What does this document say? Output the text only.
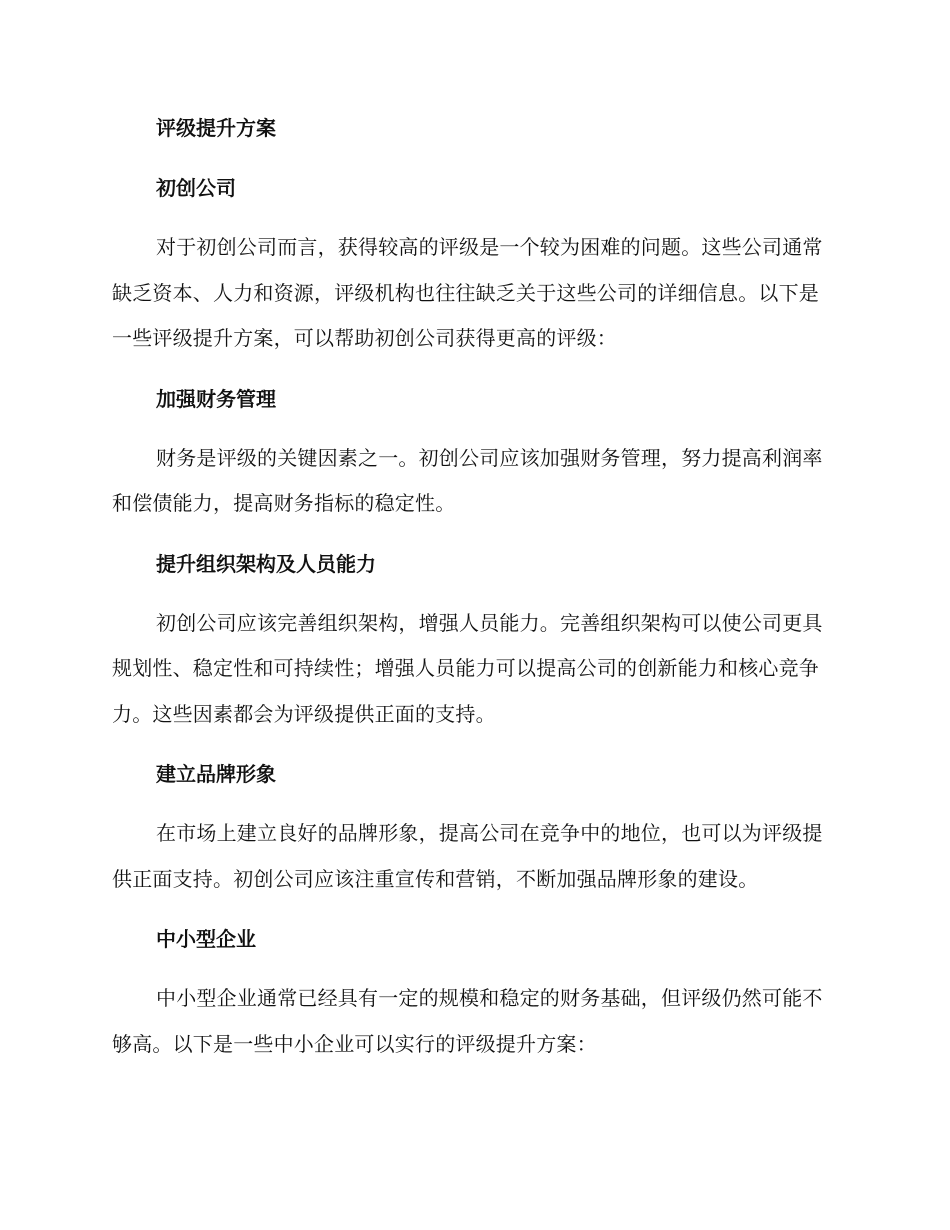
评级提升方案
初创公司
对于初创公司而言，获得较高的评级是一个较为困难的问题。这些公司通常缺乏资本、人力和资源，评级机构也往往缺乏关于这些公司的详细信息。以下是一些评级提升方案，可以帮助初创公司获得更高的评级：
加强财务管理
财务是评级的关键因素之一。初创公司应该加强财务管理，努力提高利润率和偿债能力，提高财务指标的稳定性。
提升组织架构及人员能力
初创公司应该完善组织架构，增强人员能力。完善组织架构可以使公司更具规划性、稳定性和可持续性；增强人员能力可以提高公司的创新能力和核心竞争力。这些因素都会为评级提供正面的支持。
建立品牌形象
在市场上建立良好的品牌形象，提高公司在竞争中的地位，也可以为评级提供正面支持。初创公司应该注重宣传和营销，不断加强品牌形象的建设。
中小型企业
中小型企业通常已经具有一定的规模和稳定的财务基础，但评级仍然可能不够高。以下是一些中小企业可以实行的评级提升方案：
